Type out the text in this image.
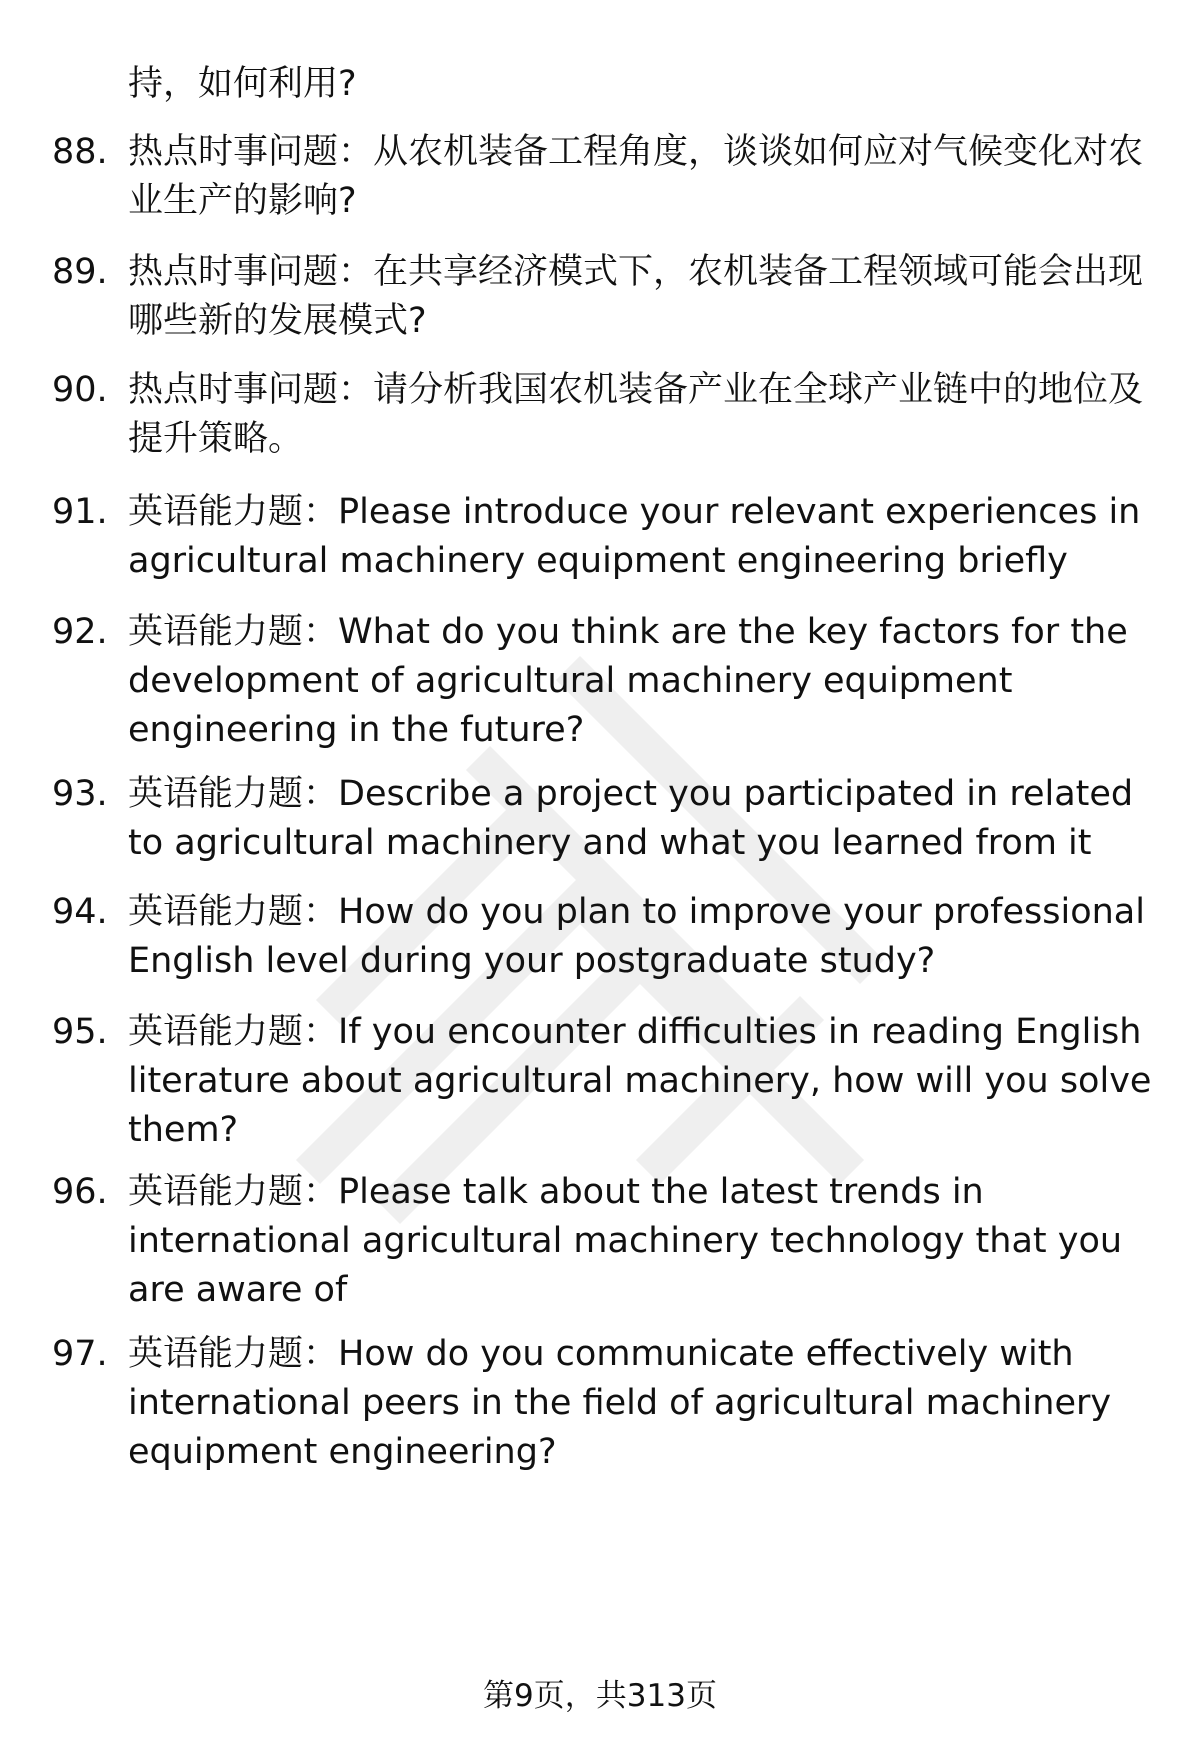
持，如何利用?
88. 热点时事问题：从农机装备工程角度，谈谈如何应对气候变化对农业生产的影响?
89. 热点时事问题：在共享经济模式下，农机装备工程领域可能会出现哪些新的发展模式?
90. 热点时事问题：请分析我国农机装备产业在全球产业链中的地位及提升策略。
91. 英语能力题：Please introduce your relevant experiences in agricultural machinery equipment engineering briefly
92. 英语能力题：What do you think are the key factors for the development of agricultural machinery equipment engineering in the future?
93. 英语能力题：Describe a project you participated in related to agricultural machinery and what you learned from it
94. 英语能力题：How do you plan to improve your professional English level during your postgraduate study?
95. 英语能力题：If you encounter difficulties in reading English literature about agricultural machinery, how will you solve them?
96. 英语能力题：Please talk about the latest trends in international agricultural machinery technology that you are aware of
97. 英语能力题：How do you communicate effectively with international peers in the field of agricultural machinery equipment engineering?
第9页，共313页
